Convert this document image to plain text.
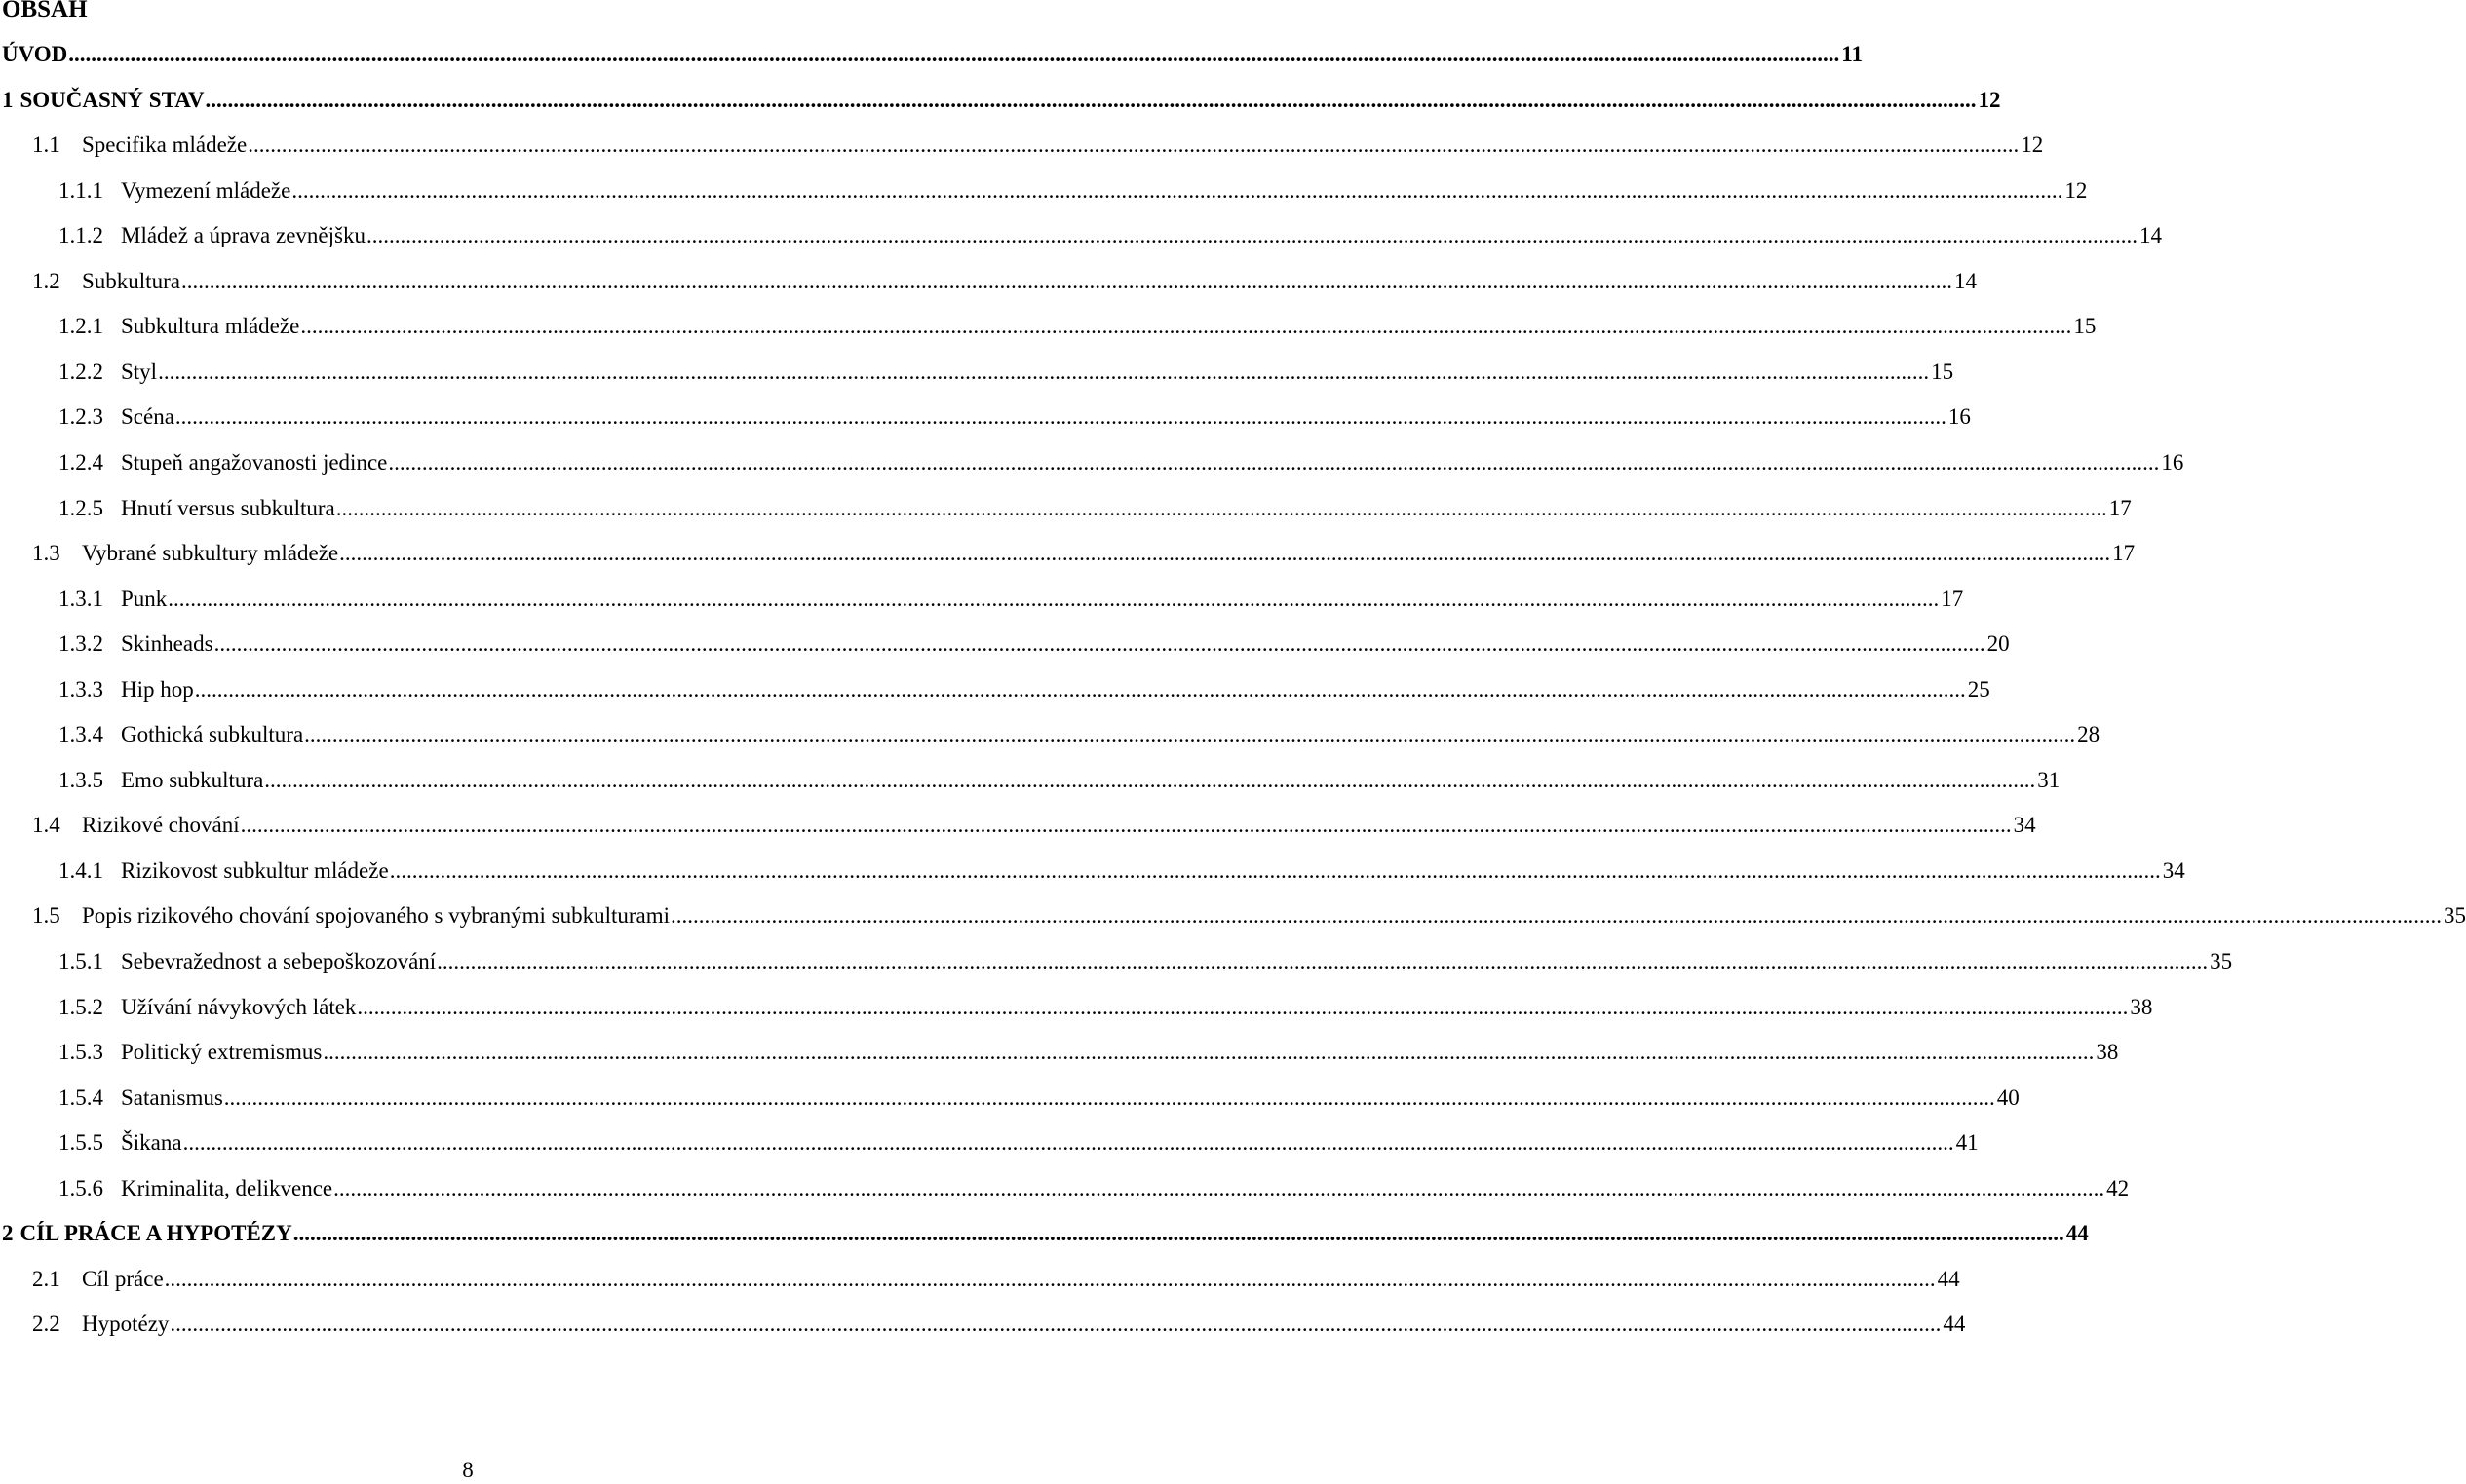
OBSAH
ÚVOD .....	11
1 SOUČASNÝ STAV .....	12
1.1 Specifika mládeže .....	12
1.1.1 Vymezení mládeže .....	12
1.1.2 Mládež a úprava zevnějšku .....	14
1.2 Subkultura .....	14
1.2.1 Subkultura mládeže .....	15
1.2.2 Styl .....	15
1.2.3 Scéna .....	16
1.2.4 Stupeň angažovanosti jedince .....	16
1.2.5 Hnutí versus subkultura .....	17
1.3 Vybrané subkultury mládeže .....	17
1.3.1 Punk .....	17
1.3.2 Skinheads .....	20
1.3.3 Hip hop .....	25
1.3.4 Gothická subkultura .....	28
1.3.5 Emo subkultura .....	31
1.4 Rizikové chování .....	34
1.4.1 Rizikovost subkultur mládeže .....	34
1.5 Popis rizikového chování spojovaného s vybranými subkulturami .....	35
1.5.1 Sebevražednost a sebepoškozování .....	35
1.5.2 Užívání návykových látek .....	38
1.5.3 Politický extremismus .....	38
1.5.4 Satanismus .....	40
1.5.5 Šikana .....	41
1.5.6 Kriminalita, delikvence .....	42
2 CÍL PRÁCE A HYPOTÉZY .....	44
2.1 Cíl práce .....	44
2.2 Hypotézy .....	44
8
